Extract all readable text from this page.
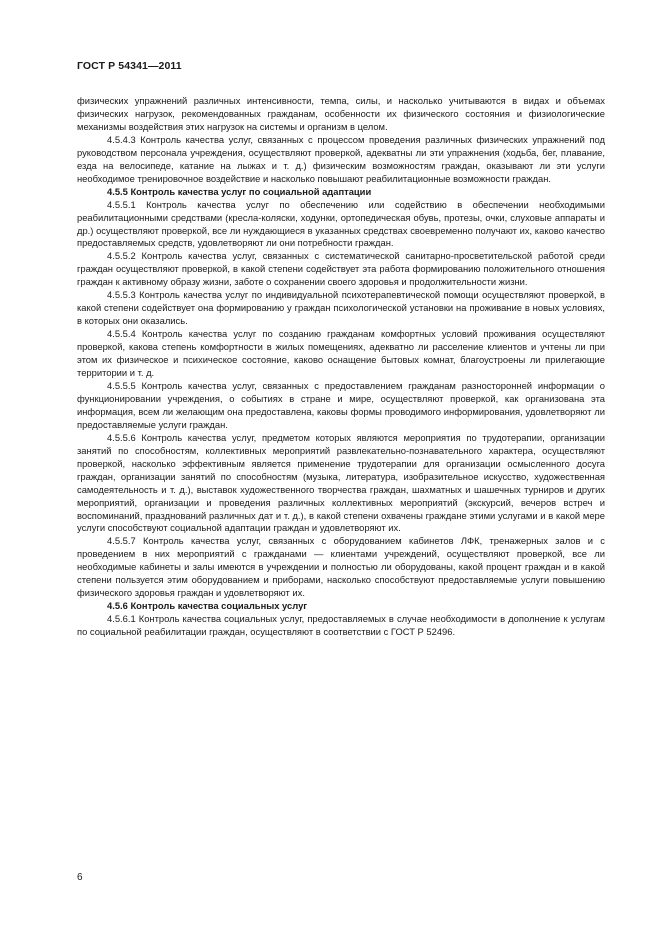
ГОСТ Р 54341—2011

физических упражнений различных интенсивности, темпа, силы, и насколько учитываются в видах и объемах физических нагрузок, рекомендованных гражданам, особенности их физического состояния и физиологические механизмы воздействия этих нагрузок на системы и организм в целом.

4.5.4.3 Контроль качества услуг, связанных с процессом проведения различных физических упражнений под руководством персонала учреждения, осуществляют проверкой, адекватны ли эти упражнения (ходьба, бег, плавание, езда на велосипеде, катание на лыжах и т. д.) физическим возможностям граждан, оказывают ли эти услуги необходимое тренировочное воздействие и насколько повышают реабилитационные возможности граждан.

4.5.5 Контроль качества услуг по социальной адаптации

4.5.5.1 Контроль качества услуг по обеспечению или содействию в обеспечении необходимыми реабилитационными средствами (кресла-коляски, ходунки, ортопедическая обувь, протезы, очки, слуховые аппараты и др.) осуществляют проверкой, все ли нуждающиеся в указанных средствах своевременно получают их, каково качество предоставляемых средств, удовлетворяют ли они потребности граждан.

4.5.5.2 Контроль качества услуг, связанных с систематической санитарно-просветительской работой среди граждан осуществляют проверкой, в какой степени содействует эта работа формированию положительного отношения граждан к активному образу жизни, заботе о сохранении своего здоровья и продолжительности жизни.

4.5.5.3 Контроль качества услуг по индивидуальной психотерапевтической помощи осуществляют проверкой, в какой степени содействует она формированию у граждан психологической установки на проживание в новых условиях, в которых они оказались.

4.5.5.4 Контроль качества услуг по созданию гражданам комфортных условий проживания осуществляют проверкой, какова степень комфортности в жилых помещениях, адекватно ли расселение клиентов и учтены ли при этом их физическое и психическое состояние, каково оснащение бытовых комнат, благоустроены ли прилегающие территории и т. д.

4.5.5.5 Контроль качества услуг, связанных с предоставлением гражданам разносторонней информации о функционировании учреждения, о событиях в стране и мире, осуществляют проверкой, как организована эта информация, всем ли желающим она предоставлена, каковы формы проводимого информирования, удовлетворяют ли предоставляемые услуги граждан.

4.5.5.6 Контроль качества услуг, предметом которых являются мероприятия по трудотерапии, организации занятий по способностям, коллективных мероприятий развлекательно-познавательного характера, осуществляют проверкой, насколько эффективным является применение трудотерапии для организации осмысленного досуга граждан, организации занятий по способностям (музыка, литература, изобразительное искусство, художественная самодеятельность и т. д.), выставок художественного творчества граждан, шахматных и шашечных турниров и других мероприятий, организации и проведения различных коллективных мероприятий (экскурсий, вечеров встреч и воспоминаний, празднований различных дат и т. д.), в какой степени охвачены граждане этими услугами и в какой мере услуги способствуют социальной адаптации граждан и удовлетворяют их.

4.5.5.7 Контроль качества услуг, связанных с оборудованием кабинетов ЛФК, тренажерных залов и с проведением в них мероприятий с гражданами — клиентами учреждений, осуществляют проверкой, все ли необходимые кабинеты и залы имеются в учреждении и полностью ли оборудованы, какой процент граждан и в какой степени пользуется этим оборудованием и приборами, насколько способствуют предоставляемые услуги повышению физического здоровья граждан и удовлетворяют их.

4.5.6 Контроль качества социальных услуг

4.5.6.1 Контроль качества социальных услуг, предоставляемых в случае необходимости в дополнение к услугам по социальной реабилитации граждан, осуществляют в соответствии с ГОСТ Р 52496.

6
